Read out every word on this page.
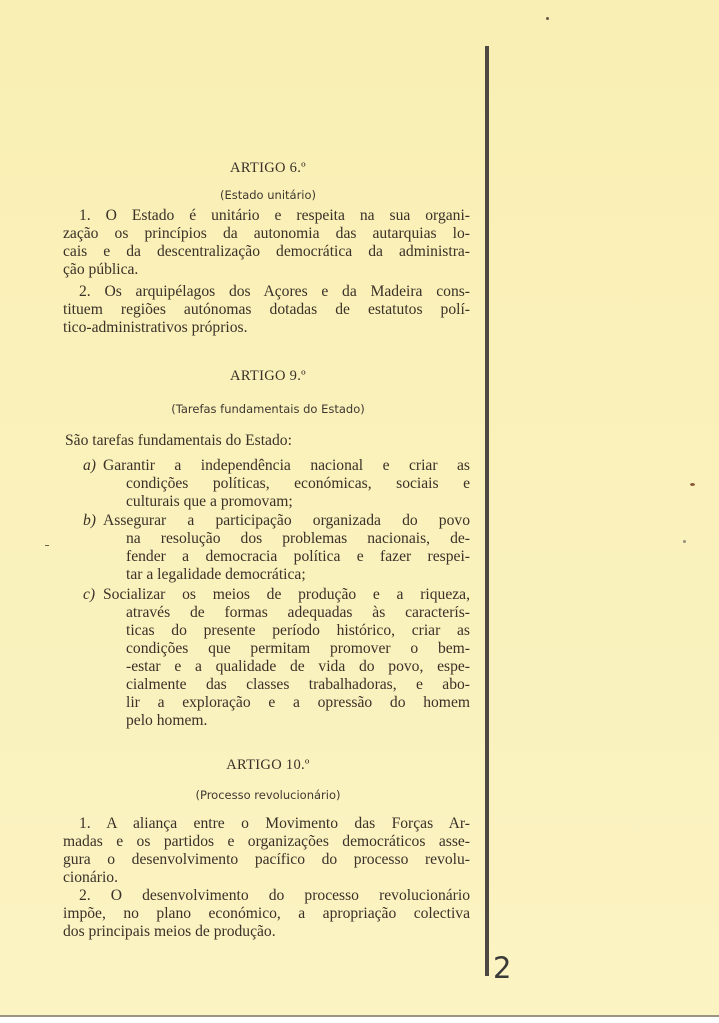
2
ARTIGO 6.º
(Estado unitário)
1. O Estado é unitário e respeita na sua organi-
zação os princípios da autonomia das autarquias lo-
cais e da descentralização democrática da administra-
ção pública.
2. Os arquipélagos dos Açores e da Madeira cons-
tituem regiões autónomas dotadas de estatutos polí-
tico-administrativos próprios.
ARTIGO 9.º
(Tarefas fundamentais do Estado)
São tarefas fundamentais do Estado:
a) Garantir a independência nacional e criar as
condições políticas, económicas, sociais e
culturais que a promovam;
b) Assegurar a participação organizada do povo
na resolução dos problemas nacionais, de-
fender a democracia política e fazer respei-
tar a legalidade democrática;
c) Socializar os meios de produção e a riqueza,
através de formas adequadas às caracterís-
ticas do presente período histórico, criar as
condições que permitam promover o bem-
-estar e a qualidade de vida do povo, espe-
cialmente das classes trabalhadoras, e abo-
lir a exploração e a opressão do homem
pelo homem.
ARTIGO 10.º
(Processo revolucionário)
1. A aliança entre o Movimento das Forças Ar-
madas e os partidos e organizações democráticos asse-
gura o desenvolvimento pacífico do processo revolu-
cionário.
2. O desenvolvimento do processo revolucionário
impõe, no plano económico, a apropriação colectiva
dos principais meios de produção.
